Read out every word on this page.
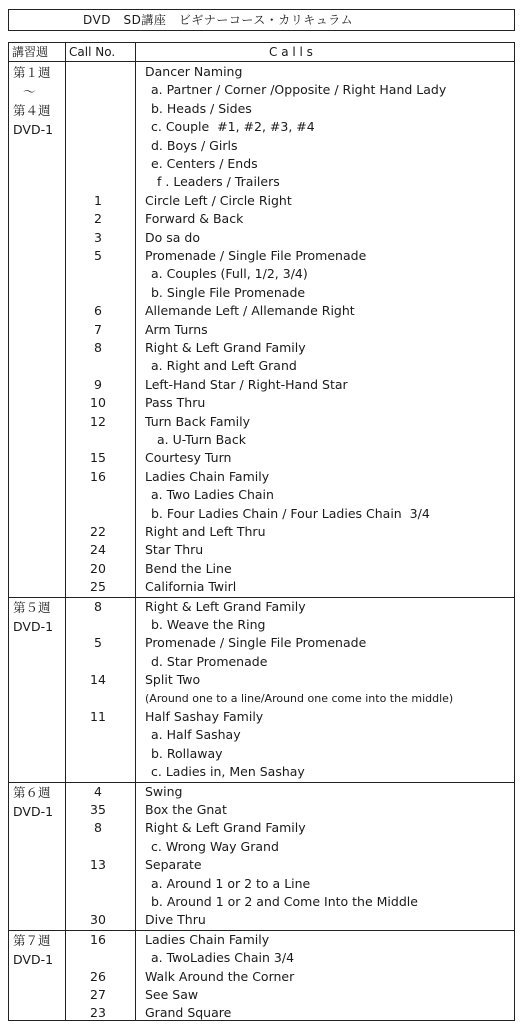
DVD　SD講座　ビギナーコース・カリキュラム
講習週 Call No.	C a l l s
第１週
〜
第４週
DVD-1
Dancer Naming
a. Partner / Corner /Opposite / Right Hand Lady
b. Heads / Sides
c. Couple  #1, #2, #3, #4
d. Boys / Girls
e. Centers / Ends
f . Leaders / Trailers
1	Circle Left / Circle Right
2	Forward & Back
3	Do sa do
5	Promenade / Single File Promenade
a. Couples (Full, 1/2, 3/4)
b. Single File Promenade
6	Allemande Left / Allemande Right
7	Arm Turns
8	Right & Left Grand Family
a. Right and Left Grand
9	Left-Hand Star / Right-Hand Star
10	Pass Thru
12	Turn Back Family
a. U-Turn Back
15	Courtesy Turn
16	Ladies Chain Family
a. Two Ladies Chain
b. Four Ladies Chain / Four Ladies Chain  3/4
22	Right and Left Thru
24	Star Thru
20	Bend the Line
25	California Twirl
第５週
DVD-1
8	Right & Left Grand Family
b. Weave the Ring
5	Promenade / Single File Promenade
d. Star Promenade
14	Split Two
(Around one to a line/Around one come into the middle)
11	Half Sashay Family
a. Half Sashay
b. Rollaway
c. Ladies in, Men Sashay
第６週
DVD-1
4	Swing
35	Box the Gnat
8	Right & Left Grand Family
c. Wrong Way Grand
13	Separate
a. Around 1 or 2 to a Line
b. Around 1 or 2 and Come Into the Middle
30	Dive Thru
第７週
DVD-1
16	Ladies Chain Family
a. TwoLadies Chain 3/4
26	Walk Around the Corner
27	See Saw
23	Grand Square
